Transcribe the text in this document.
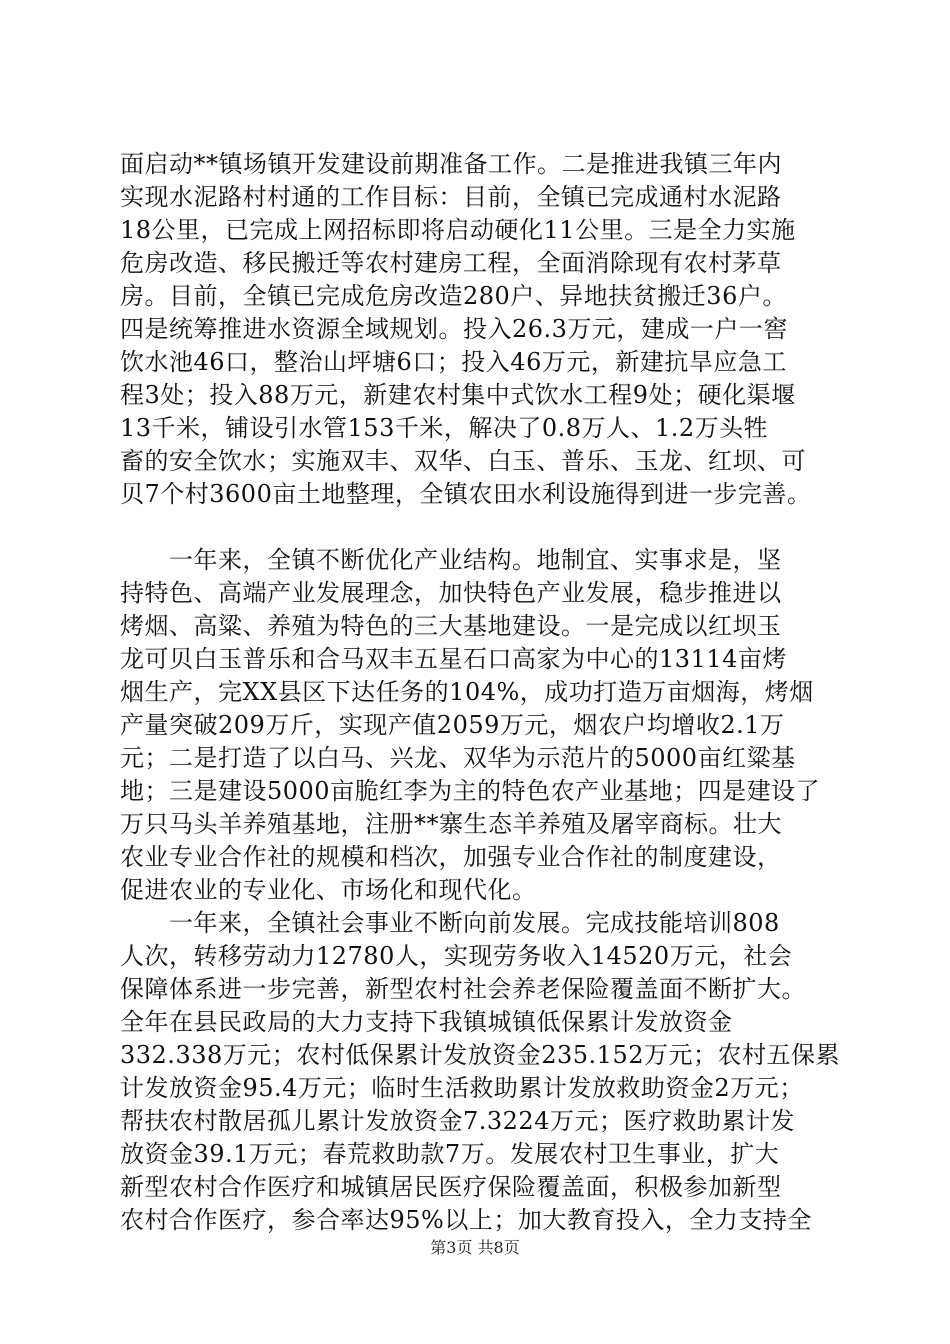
面启动**镇场镇开发建设前期准备工作。二是推进我镇三年内
实现水泥路村村通的工作目标：目前，全镇已完成通村水泥路
18公里，已完成上网招标即将启动硬化11公里。三是全力实施
危房改造、移民搬迁等农村建房工程，全面消除现有农村茅草
房。目前，全镇已完成危房改造280户、异地扶贫搬迁36户。
四是统筹推进水资源全域规划。投入26.3万元，建成一户一窖
饮水池46口，整治山坪塘6口；投入46万元，新建抗旱应急工
程3处；投入88万元，新建农村集中式饮水工程9处；硬化渠堰
13千米，铺设引水管153千米，解决了0.8万人、1.2万头牲
畜的安全饮水；实施双丰、双华、白玉、普乐、玉龙、红坝、可
贝7个村3600亩土地整理，全镇农田水利设施得到进一步完善。
　　一年来，全镇不断优化产业结构。地制宜、实事求是，坚
持特色、高端产业发展理念，加快特色产业发展，稳步推进以
烤烟、高粱、养殖为特色的三大基地建设。一是完成以红坝玉
龙可贝白玉普乐和合马双丰五星石口高家为中心的13114亩烤
烟生产，完XX县区下达任务的104%，成功打造万亩烟海，烤烟
产量突破209万斤，实现产值2059万元，烟农户均增收2.1万
元；二是打造了以白马、兴龙、双华为示范片的5000亩红粱基
地；三是建设5000亩脆红李为主的特色农产业基地；四是建设了
万只马头羊养殖基地，注册**寨生态羊养殖及屠宰商标。壮大
农业专业合作社的规模和档次，加强专业合作社的制度建设，
促进农业的专业化、市场化和现代化。
　　一年来，全镇社会事业不断向前发展。完成技能培训808
人次，转移劳动力12780人，实现劳务收入14520万元，社会
保障体系进一步完善，新型农村社会养老保险覆盖面不断扩大。
全年在县民政局的大力支持下我镇城镇低保累计发放资金
332.338万元；农村低保累计发放资金235.152万元；农村五保累
计发放资金95.4万元；临时生活救助累计发放救助资金2万元；
帮扶农村散居孤儿累计发放资金7.3224万元；医疗救助累计发
放资金39.1万元；春荒救助款7万。发展农村卫生事业，扩大
新型农村合作医疗和城镇居民医疗保险覆盖面，积极参加新型
农村合作医疗，参合率达95%以上；加大教育投入，全力支持全
第3页 共8页
